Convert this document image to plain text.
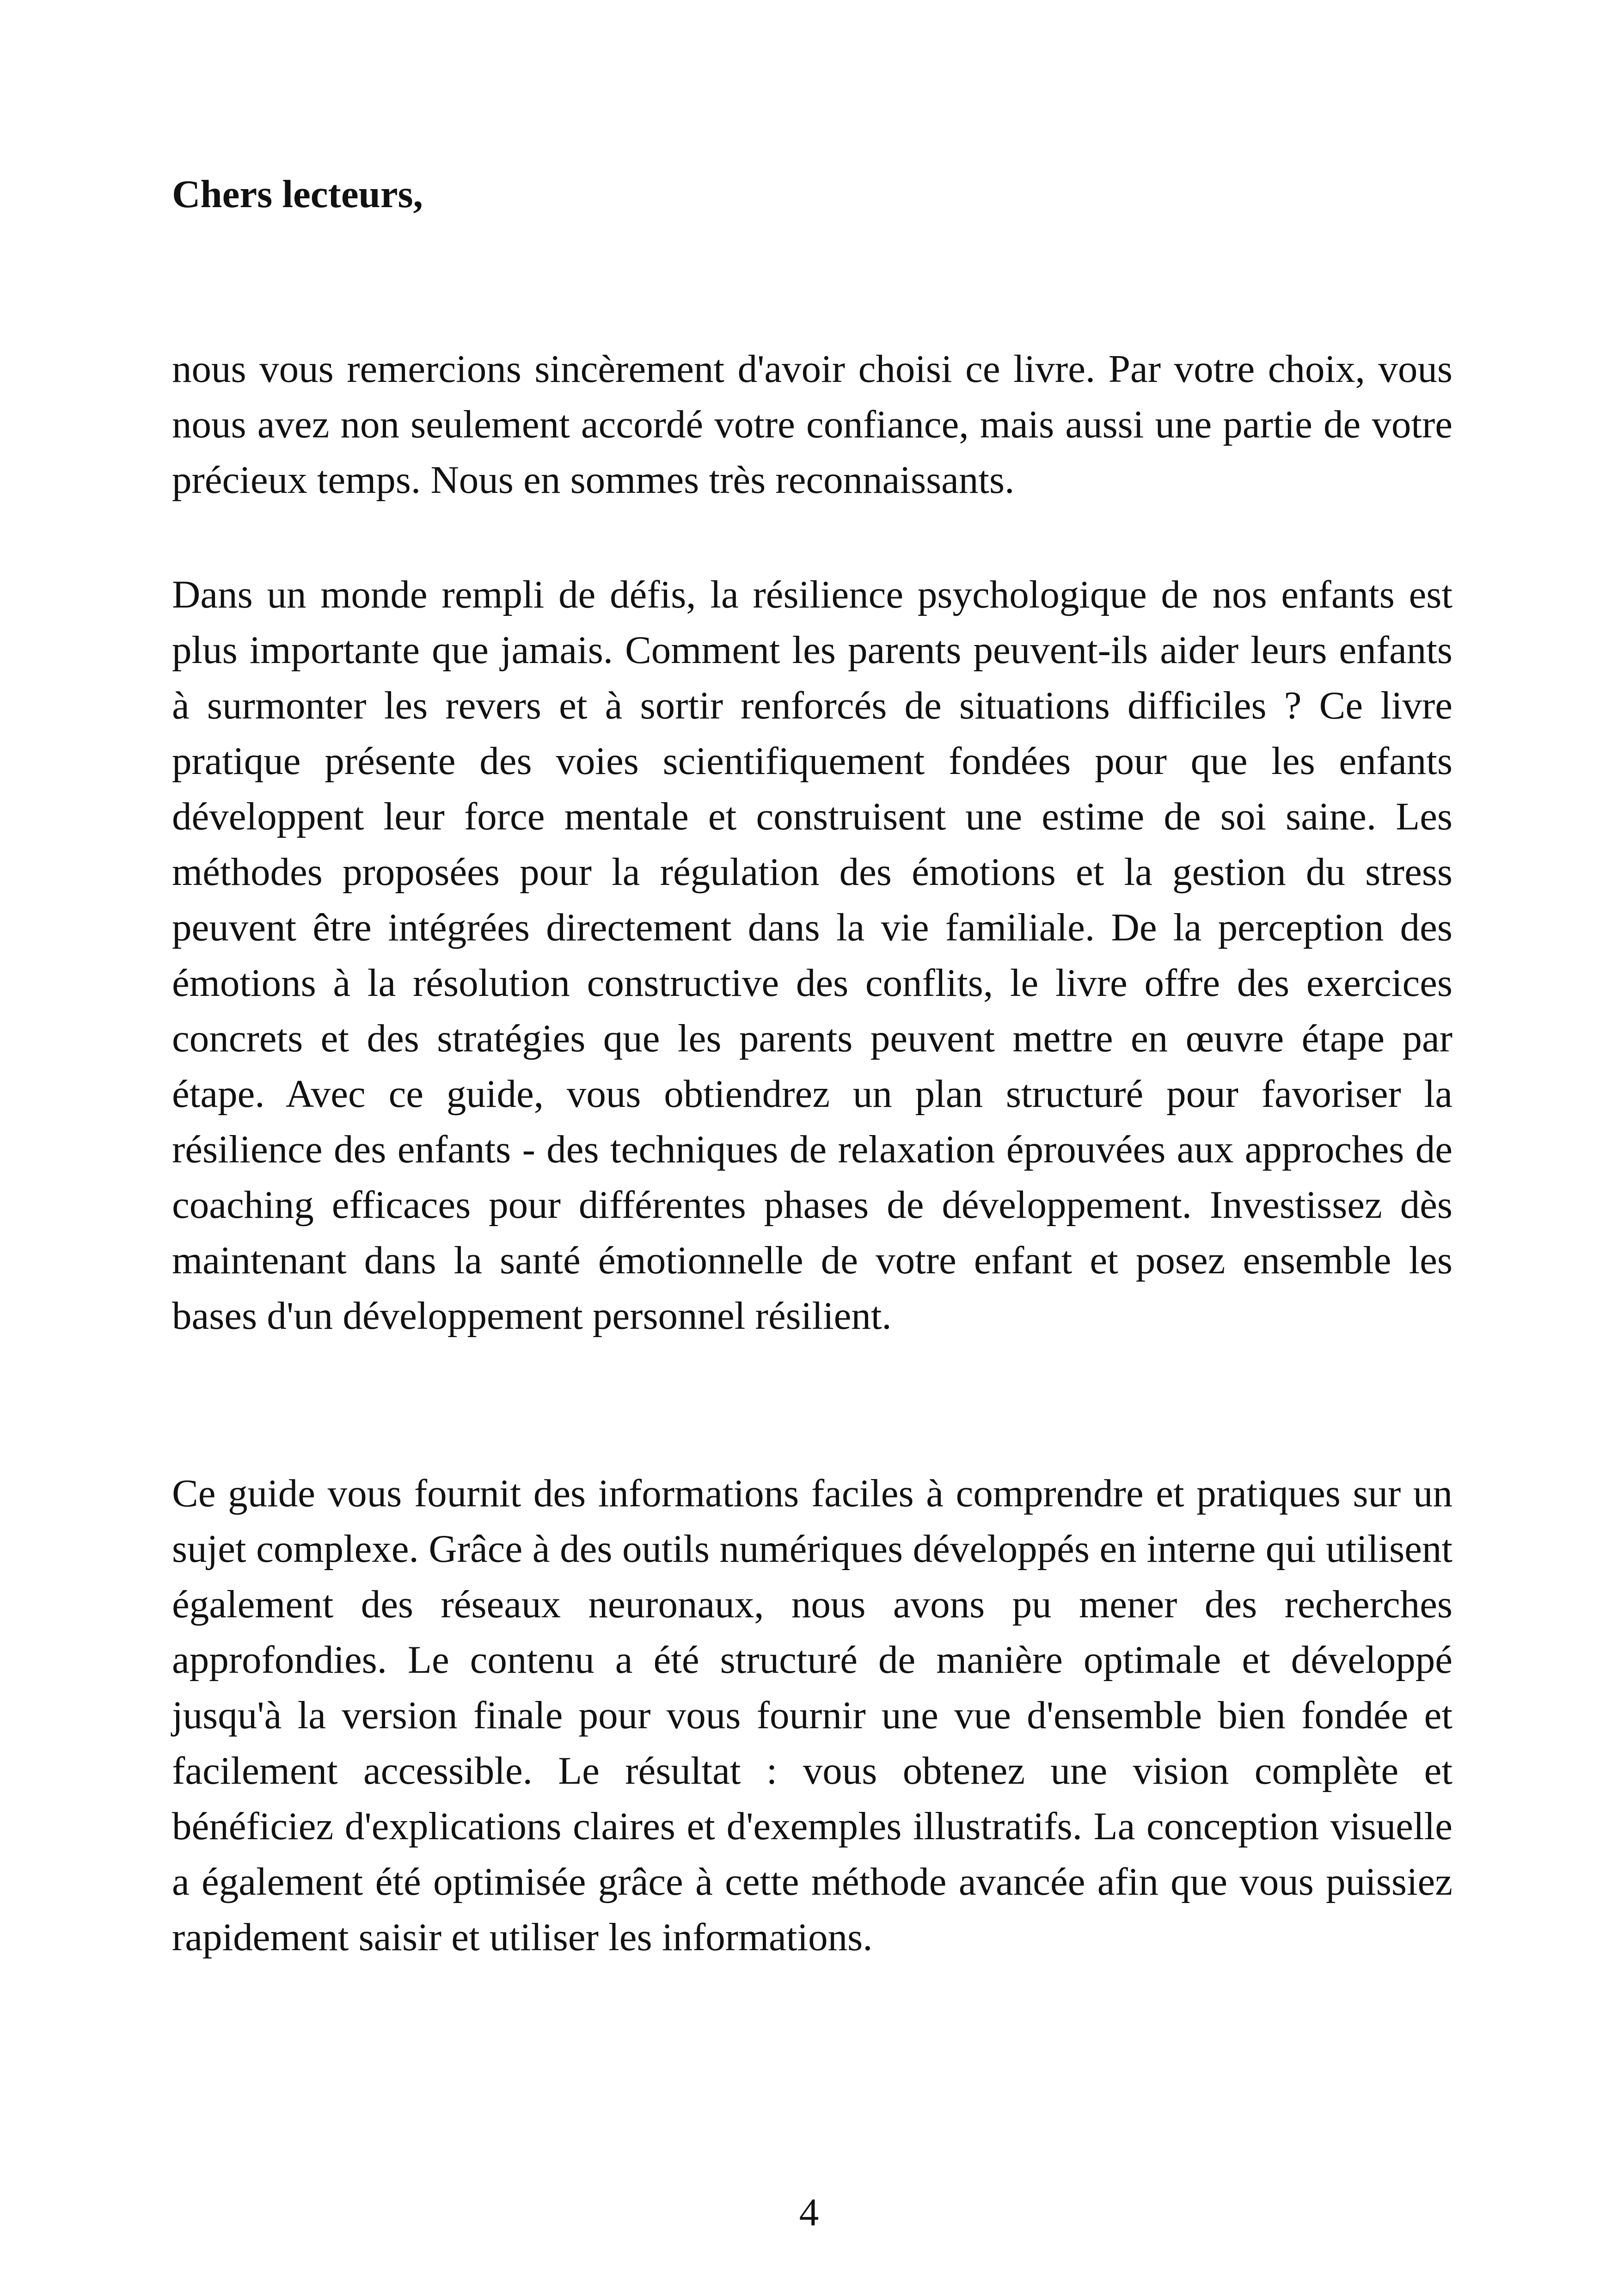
Chers lecteurs,

nous vous remercions sincèrement d'avoir choisi ce livre. Par votre choix, vous nous avez non seulement accordé votre confiance, mais aussi une partie de votre précieux temps. Nous en sommes très reconnaissants.

Dans un monde rempli de défis, la résilience psychologique de nos enfants est plus importante que jamais. Comment les parents peuvent-ils aider leurs enfants à surmonter les revers et à sortir renforcés de situations difficiles ? Ce livre pratique présente des voies scientifiquement fondées pour que les enfants développent leur force mentale et construisent une estime de soi saine. Les méthodes proposées pour la régulation des émotions et la gestion du stress peuvent être intégrées directement dans la vie familiale. De la perception des émotions à la résolution constructive des conflits, le livre offre des exercices concrets et des stratégies que les parents peuvent mettre en œuvre étape par étape. Avec ce guide, vous obtiendrez un plan structuré pour favoriser la résilience des enfants - des techniques de relaxation éprouvées aux approches de coaching efficaces pour différentes phases de développement. Investissez dès maintenant dans la santé émotionnelle de votre enfant et posez ensemble les bases d'un développement personnel résilient.

Ce guide vous fournit des informations faciles à comprendre et pratiques sur un sujet complexe. Grâce à des outils numériques développés en interne qui utilisent également des réseaux neuronaux, nous avons pu mener des recherches approfondies. Le contenu a été structuré de manière optimale et développé jusqu'à la version finale pour vous fournir une vue d'ensemble bien fondée et facilement accessible. Le résultat : vous obtenez une vision complète et bénéficiez d'explications claires et d'exemples illustratifs. La conception visuelle a également été optimisée grâce à cette méthode avancée afin que vous puissiez rapidement saisir et utiliser les informations.

4
